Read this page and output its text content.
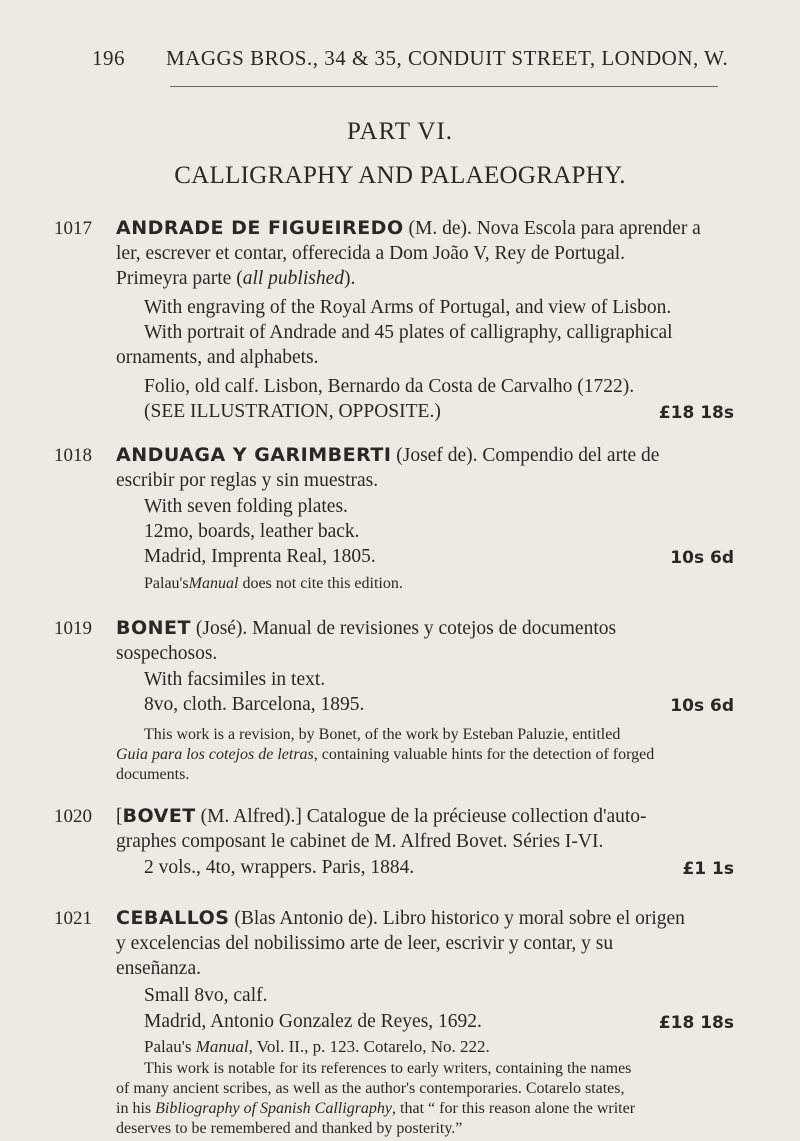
196 MAGGS BROS., 34 & 35, CONDUIT STREET, LONDON, W.
PART VI.
CALLIGRAPHY AND PALAEOGRAPHY.
1017 ANDRADE DE FIGUEIREDO (M. de). Nova Escola para aprender a
ler, escrever et contar, offerecida a Dom João V, Rey de Portugal.
Primeyra parte (all published).
With engraving of the Royal Arms of Portugal, and view of Lisbon.
With portrait of Andrade and 45 plates of calligraphy, calligraphical
ornaments, and alphabets.
Folio, old calf. Lisbon, Bernardo da Costa de Carvalho (1722).
(SEE ILLUSTRATION, OPPOSITE.)	£18 18s
1018 ANDUAGA Y GARIMBERTI (Josef de). Compendio del arte de
escribir por reglas y sin muestras.
With seven folding plates.
12mo, boards, leather back.
Madrid, Imprenta Real, 1805.	10s 6d
Palau'sManual does not cite this edition.
1019 BONET (José). Manual de revisiones y cotejos de documentos
sospechosos.
With facsimiles in text.
8vo, cloth. Barcelona, 1895.	10s 6d
This work is a revision, by Bonet, of the work by Esteban Paluzie, entitled
Guia para los cotejos de letras, containing valuable hints for the detection of forged
documents.
1020 [BOVET (M. Alfred).] Catalogue de la précieuse collection d'auto-
graphes composant le cabinet de M. Alfred Bovet. Séries I-VI.
2 vols., 4to, wrappers. Paris, 1884.	£1 1s
1021 CEBALLOS (Blas Antonio de). Libro historico y moral sobre el origen
y excelencias del nobilissimo arte de leer, escrivir y contar, y su
enseñanza.
Small 8vo, calf.
Madrid, Antonio Gonzalez de Reyes, 1692.	£18 18s
Palau's Manual, Vol. II., p. 123. Cotarelo, No. 222.
This work is notable for its references to early writers, containing the names
of many ancient scribes, as well as the author's contemporaries. Cotarelo states,
in his Bibliography of Spanish Calligraphy, that “ for this reason alone the writer
deserves to be remembered and thanked by posterity.”
